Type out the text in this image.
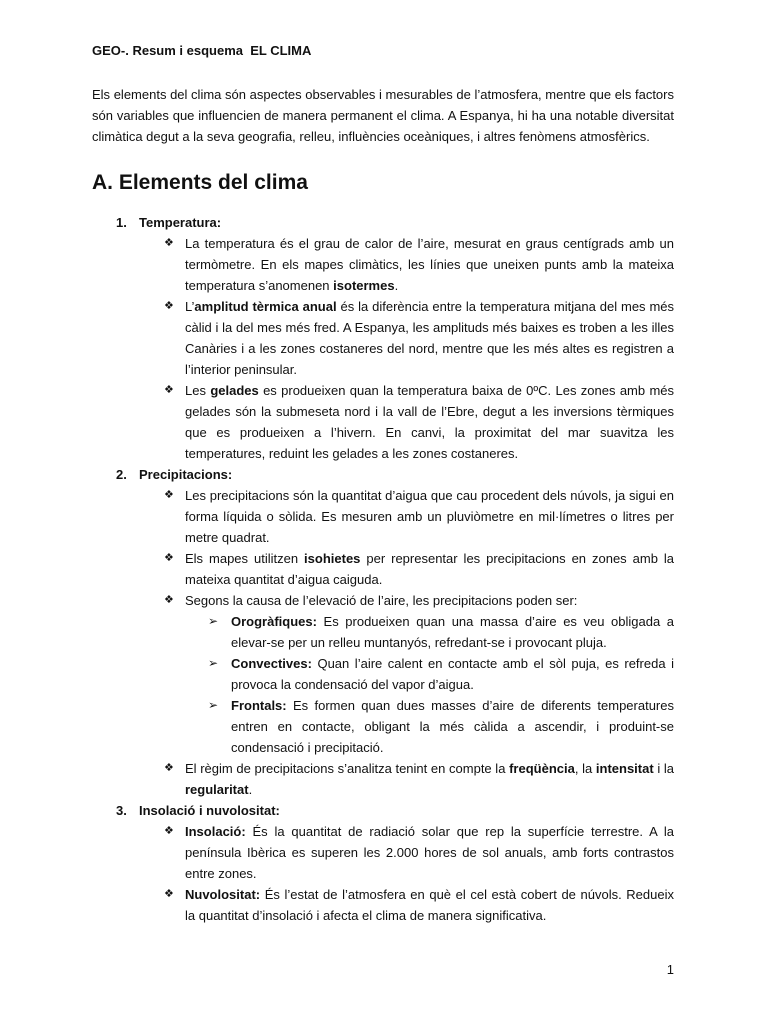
GEO-. Resum i esquema  EL CLIMA
Els elements del clima són aspectes observables i mesurables de l’atmosfera, mentre que els factors són variables que influencien de manera permanent el clima. A Espanya, hi ha una notable diversitat climàtica degut a la seva geografia, relleu, influències oceàniques, i altres fenòmens atmosfèrics.
A. Elements del clima
1. Temperatura:
❖ La temperatura és el grau de calor de l’aire, mesurat en graus centígrads amb un termòmetre. En els mapes climàtics, les línies que uneixen punts amb la mateixa temperatura s’anomenen isotermes.
❖ L’amplitud tèrmica anual és la diferència entre la temperatura mitjana del mes més càlid i la del mes més fred. A Espanya, les amplituds més baixes es troben a les illes Canàries i a les zones costaneres del nord, mentre que les més altes es registren a l’interior peninsular.
❖ Les gelades es produeixen quan la temperatura baixa de 0ºC. Les zones amb més gelades són la submeseta nord i la vall de l’Ebre, degut a les inversions tèrmiques que es produeixen a l’hivern. En canvi, la proximitat del mar suavitza les temperatures, reduint les gelades a les zones costaneres.
2. Precipitacions:
❖ Les precipitacions són la quantitat d’aigua que cau procedent dels núvols, ja sigui en forma líquida o sòlida. Es mesuren amb un pluviòmetre en mil·límetres o litres per metre quadrat.
❖ Els mapes utilitzen isohietes per representar les precipitacions en zones amb la mateixa quantitat d’aigua caiguda.
❖ Segons la causa de l’elevació de l’aire, les precipitacions poden ser:
➢ Orogràfiques: Es produeixen quan una massa d’aire es veu obligada a elevar-se per un relleu muntanyós, refredant-se i provocant pluja.
➢ Convectives: Quan l’aire calent en contacte amb el sòl puja, es refreda i provoca la condensació del vapor d’aigua.
➢ Frontals: Es formen quan dues masses d’aire de diferents temperatures entren en contacte, obligant la més càlida a ascendir, i produint-se condensació i precipitació.
❖ El règim de precipitacions s’analitza tenint en compte la freqüència, la intensitat i la regularitat.
3. Insolació i nuvolositat:
❖ Insolació: És la quantitat de radiació solar que rep la superfície terrestre. A la península Ibèrica es superen les 2.000 hores de sol anuals, amb forts contrastos entre zones.
❖ Nuvolositat: És l’estat de l’atmosfera en què el cel està cobert de núvols. Redueix la quantitat d’insolació i afecta el clima de manera significativa.
1
